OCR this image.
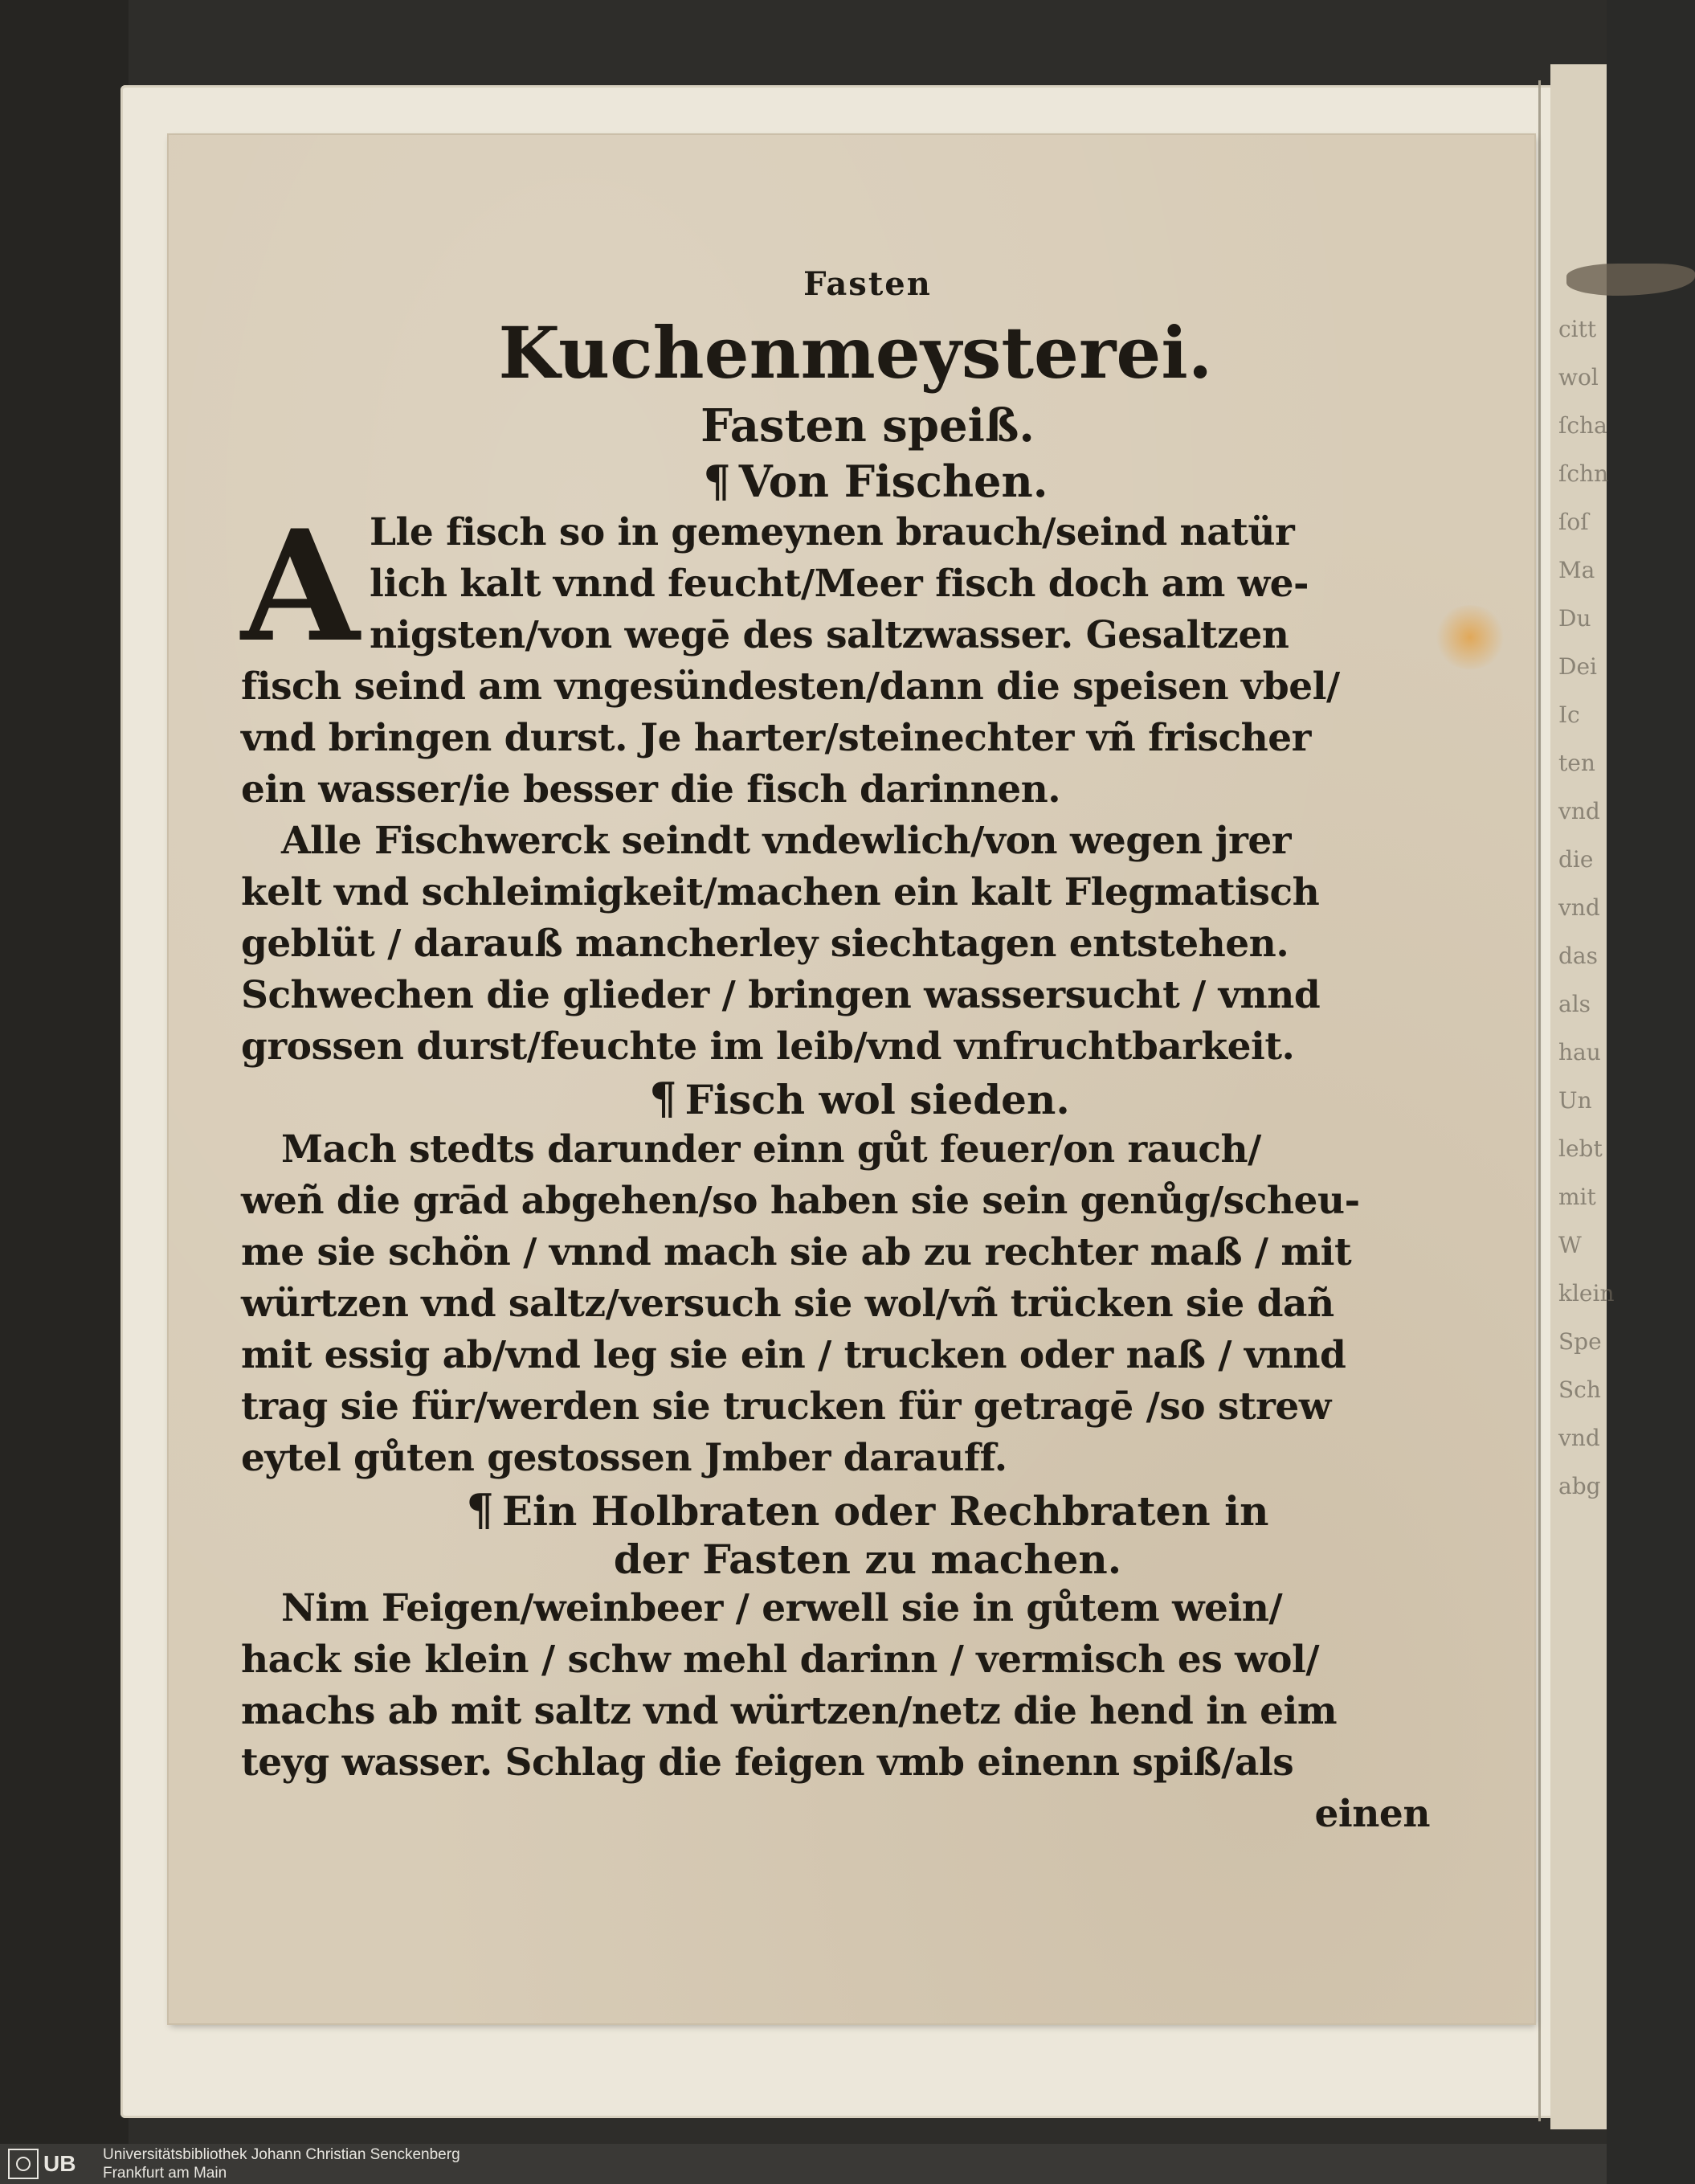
citt
wol
ſcha
ſchn
ſoſ
Ma
Du
Dei
Ic
ten
vnd
die
vnd
das
als
hau
Un
lebt
mit
W
klein
Spe
Sch
vnd
abg
Fasten
Kuchenmeysterei.
Fasten speiß.
¶ Von Fischen.
A Lle fisch so in gemeynen brauch/seind natür
lich kalt vnnd feucht/Meer fisch doch am we-
nigsten/von wegē des saltzwasser. Gesaltzen
fisch seind am vngesündesten/dann die speisen vbel/
vnd bringen durst. Je harter/steinechter vñ frischer
ein wasser/ie besser die fisch darinnen.
Alle Fischwerck seindt vndewlich/von wegen jrer
kelt vnd schleimigkeit/machen ein kalt Flegmatisch
geblüt / darauß mancherley siechtagen entstehen.
Schwechen die glieder / bringen wassersucht / vnnd
grossen durst/feuchte im leib/vnd vnfruchtbarkeit.
¶ Fisch wol sieden.
Mach stedts darunder einn gůt feuer/on rauch/
weñ die grād abgehen/so haben sie sein genůg/scheu-
me sie schön / vnnd mach sie ab zu rechter maß / mit
würtzen vnd saltz/versuch sie wol/vñ trücken sie dañ
mit essig ab/vnd leg sie ein / trucken oder naß / vnnd
trag sie für/werden sie trucken für getragē /so strew
eytel gůten gestossen Jmber darauff.
¶ Ein Holbraten oder Rechbraten in
der Fasten zu machen.
Nim Feigen/weinbeer / erwell sie in gůtem wein/
hack sie klein / schw mehl darinn / vermisch es wol/
machs ab mit saltz vnd würtzen/netz die hend in eim
teyg wasser. Schlag die feigen vmb einenn spiß/als
einen
UB Universitätsbibliothek Johann Christian Senckenberg
Frankfurt am Main
